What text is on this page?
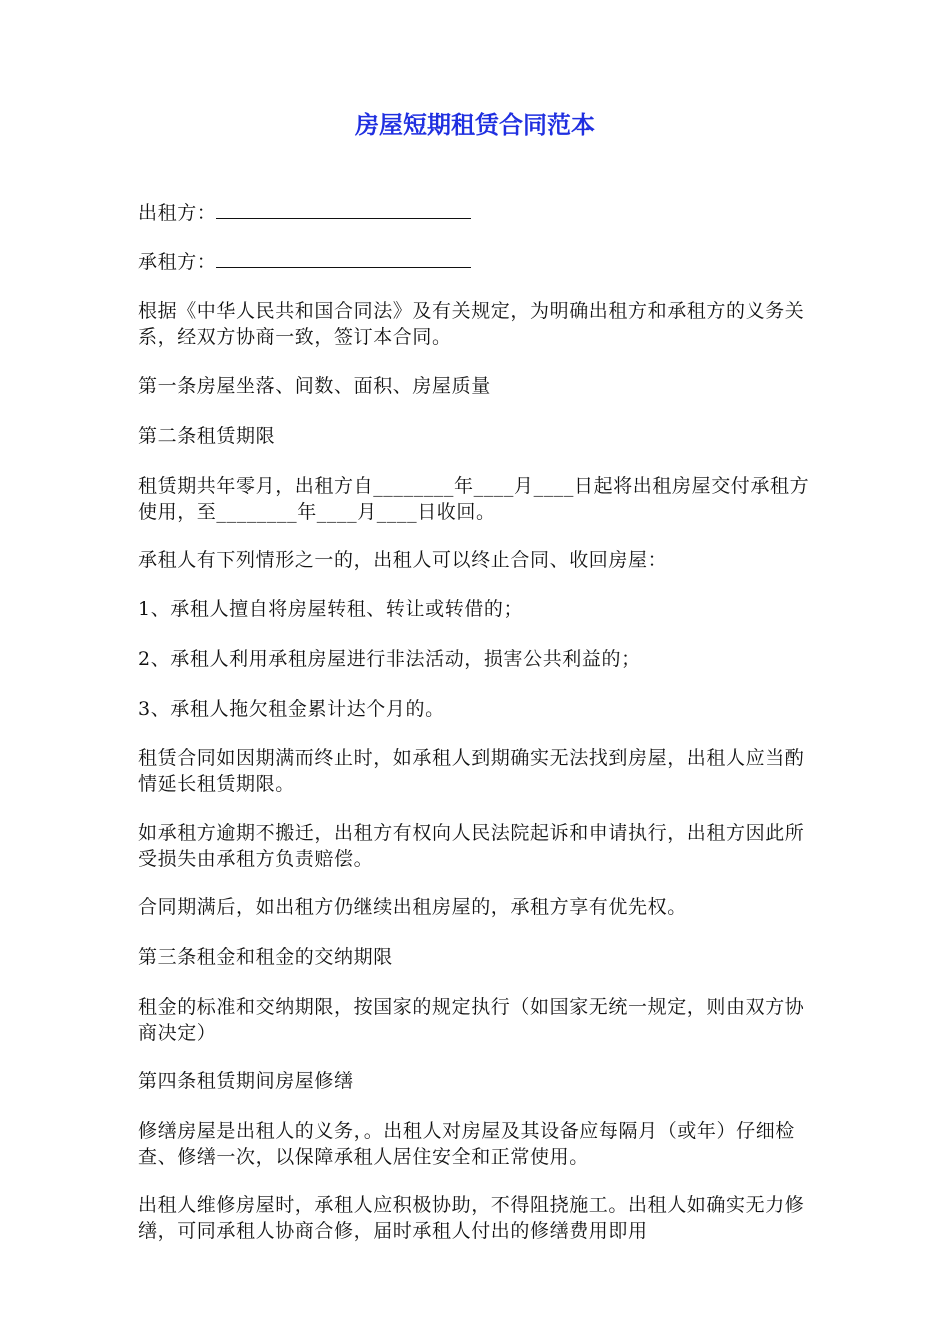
房屋短期租赁合同范本
出租方：
承租方：
根据《中华人民共和国合同法》及有关规定，为明确出租方和承租方的义务关系，经双方协商一致，签订本合同。
第一条房屋坐落、间数、面积、房屋质量
第二条租赁期限
租赁期共年零月，出租方自________年____月____日起将出租房屋交付承租方使用，至________年____月____日收回。
承租人有下列情形之一的，出租人可以终止合同、收回房屋：
1、承租人擅自将房屋转租、转让或转借的；
2、承租人利用承租房屋进行非法活动，损害公共利益的；
3、承租人拖欠租金累计达个月的。
租赁合同如因期满而终止时，如承租人到期确实无法找到房屋，出租人应当酌情延长租赁期限。
如承租方逾期不搬迁，出租方有权向人民法院起诉和申请执行，出租方因此所受损失由承租方负责赔偿。
合同期满后，如出租方仍继续出租房屋的，承租方享有优先权。
第三条租金和租金的交纳期限
租金的标准和交纳期限，按国家的规定执行（如国家无统一规定，则由双方协商决定）
第四条租赁期间房屋修缮
修缮房屋是出租人的义务，。出租人对房屋及其设备应每隔月（或年）仔细检查、修缮一次，以保障承租人居住安全和正常使用。
出租人维修房屋时，承租人应积极协助，不得阻挠施工。出租人如确实无力修缮，可同承租人协商合修，届时承租人付出的修缮费用即用
